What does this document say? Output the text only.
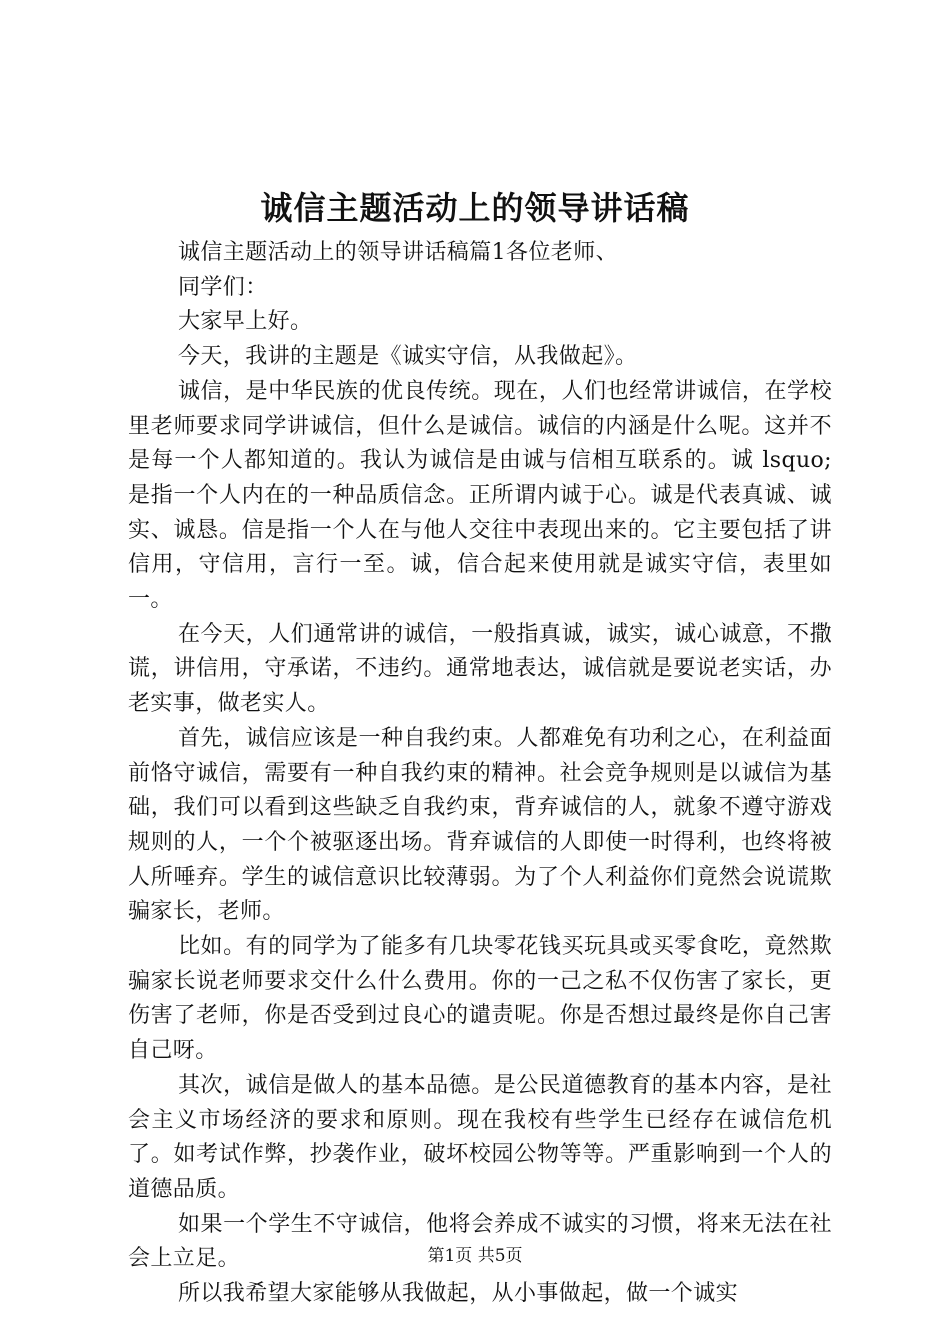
诚信主题活动上的领导讲话稿

诚信主题活动上的领导讲话稿篇1各位老师、

同学们：

大家早上好。

今天，我讲的主题是《诚实守信，从我做起》。

诚信，是中华民族的优良传统。现在，人们也经常讲诚信，在学校里老师要求同学讲诚信，但什么是诚信。诚信的内涵是什么呢。这并不是每一个人都知道的。我认为诚信是由诚与信相互联系的。诚 lsquo;是指一个人内在的一种品质信念。正所谓内诚于心。诚是代表真诚、诚实、诚恳。信是指一个人在与他人交往中表现出来的。它主要包括了讲信用，守信用，言行一至。诚，信合起来使用就是诚实守信，表里如一。

在今天，人们通常讲的诚信，一般指真诚，诚实，诚心诚意，不撒谎，讲信用，守承诺，不违约。通常地表达，诚信就是要说老实话，办老实事，做老实人。

首先，诚信应该是一种自我约束。人都难免有功利之心，在利益面前恪守诚信，需要有一种自我约束的精神。社会竞争规则是以诚信为基础，我们可以看到这些缺乏自我约束，背弃诚信的人，就象不遵守游戏规则的人，一个个被驱逐出场。背弃诚信的人即使一时得利，也终将被人所唾弃。学生的诚信意识比较薄弱。为了个人利益你们竟然会说谎欺骗家长，老师。

比如。有的同学为了能多有几块零花钱买玩具或买零食吃，竟然欺骗家长说老师要求交什么什么费用。你的一己之私不仅伤害了家长，更伤害了老师，你是否受到过良心的谴责呢。你是否想过最终是你自己害自己呀。

其次，诚信是做人的基本品德。是公民道德教育的基本内容，是社会主义市场经济的要求和原则。现在我校有些学生已经存在诚信危机了。如考试作弊，抄袭作业，破坏校园公物等等。严重影响到一个人的道德品质。

如果一个学生不守诚信，他将会养成不诚实的习惯，将来无法在社会上立足。

所以我希望大家能够从我做起，从小事做起，做一个诚实

第1页 共5页
